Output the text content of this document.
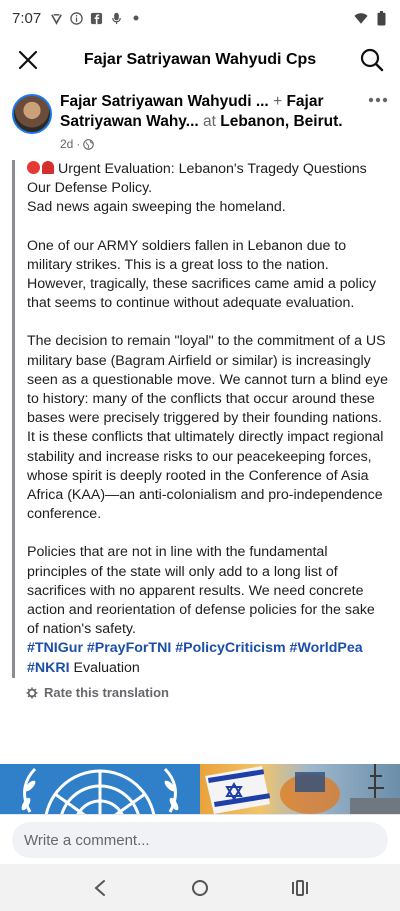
7:07
Fajar Satriyawan Wahyudi Cps
Fajar Satriyawan Wahyudi ... + Fajar
Satriyawan Wahy... at Lebanon, Beirut.
2d ·

Urgent Evaluation: Lebanon's Tragedy Questions Our Defense Policy.
Sad news again sweeping the homeland.

One of our ARMY soldiers fallen in Lebanon due to military strikes. This is a great loss to the nation. However, tragically, these sacrifices came amid a policy that seems to continue without adequate evaluation.

The decision to remain "loyal" to the commitment of a US military base (Bagram Airfield or similar) is increasingly seen as a questionable move. We cannot turn a blind eye to history: many of the conflicts that occur around these bases were precisely triggered by their founding nations. It is these conflicts that ultimately directly impact regional stability and increase risks to our peacekeeping forces, whose spirit is deeply rooted in the Conference of Asia Africa (KAA)—an anti-colonialism and pro-independence conference.

Policies that are not in line with the fundamental principles of the state will only add to a long list of sacrifices with no apparent results. We need concrete action and reorientation of defense policies for the sake of nation's safety.
#TNIGur #PrayForTNI #PolicyCriticism #WorldPea
#NKRI Evaluation

Rate this translation
Write a comment...
